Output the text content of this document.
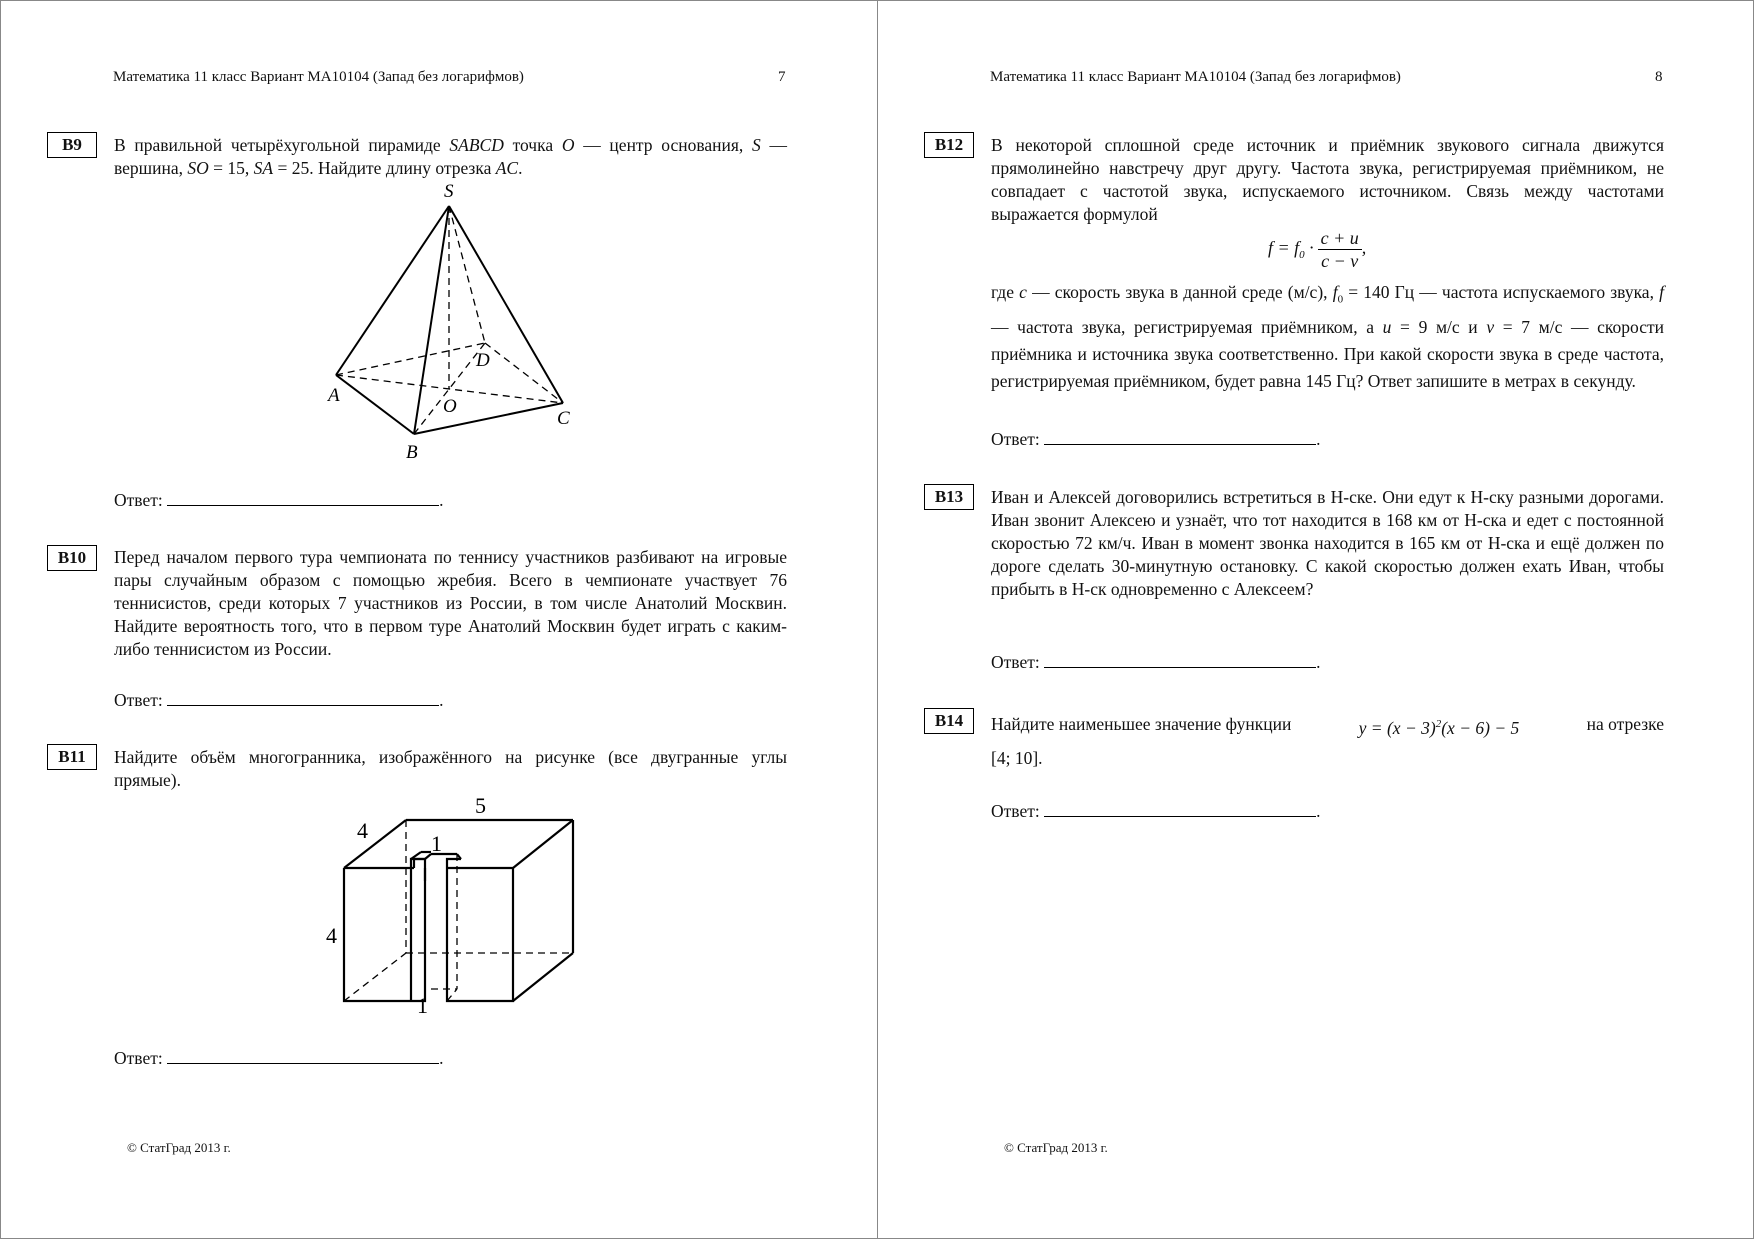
Математика 11 класс Вариант МА10104 (Запад без логарифмов)	7
B9	В правильной четырёхугольной пирамиде SABCD точка O — центр основания, S — вершина, SO = 15, SA = 25. Найдите длину отрезка AC.
S
A
B
C
D
O
5
4
4
1
1
Ответ:	.
B10	Перед началом первого тура чемпионата по теннису участников разбивают на игровые пары случайным образом с помощью жребия. Всего в чемпионате участвует 76 теннисистов, среди которых 7 участников из России, в том числе Анатолий Москвин. Найдите вероятность того, что в первом туре Анатолий Москвин будет играть с каким-либо теннисистом из России.
Ответ:	.
B11	Найдите объём многогранника, изображённого на рисунке (все двугранные углы прямые).
Ответ:	.
© СтатГрад 2013 г.
Математика 11 класс Вариант МА10104 (Запад без логарифмов)	8
B12	В некоторой сплошной среде источник и приёмник звукового сигнала движутся прямолинейно навстречу друг другу. Частота звука, регистрируемая приёмником, не совпадает с частотой звука, испускаемого источником. Связь между частотами выражается формулой
$f = f_0 \cdot \frac{c + u}{c - v}$ ,
где c — скорость звука в данной среде (м/с), $f_0 = 140$ Гц — частота испускаемого звука, f — частота звука, регистрируемая приёмником, а u = 9 м/с и v = 7 м/с — скорости приёмника и источника звука соответственно. При какой скорости звука в среде частота, регистрируемая приёмником, будет равна 145 Гц? Ответ запишите в метрах в секунду.
Ответ:	.
B13	Иван и Алексей договорились встретиться в Н-ске. Они едут к Н-ску разными дорогами. Иван звонит Алексею и узнаёт, что тот находится в 168 км от Н-ска и едет с постоянной скоростью 72 км/ч. Иван в момент звонка находится в 165 км от Н-ска и ещё должен по дороге сделать 30-минутную остановку. С какой скоростью должен ехать Иван, чтобы прибыть в Н-ск одновременно с Алексеем?
Ответ:	.
B14	Найдите наименьшее значение функции	$y = (x - 3)^2(x - 6) - 5$	на отрезке
[4; 10].
Ответ:	.
© СтатГрад 2013 г.
